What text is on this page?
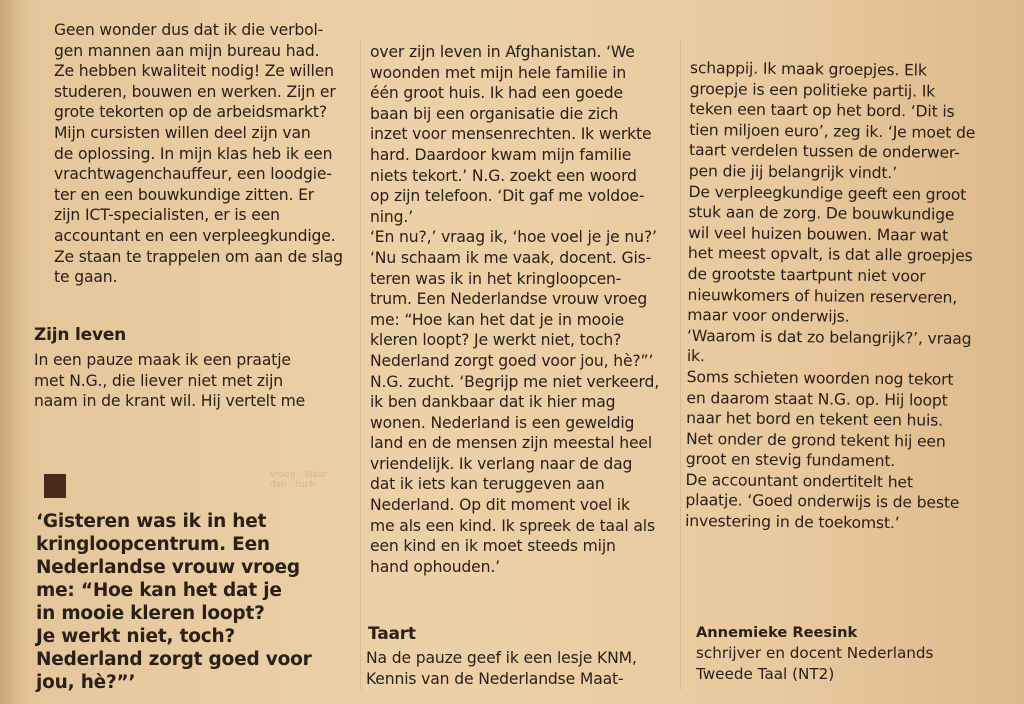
Geen wonder dus dat ik die verbol-
gen mannen aan mijn bureau had.
Ze hebben kwaliteit nodig! Ze willen
studeren, bouwen en werken. Zijn er
grote tekorten op de arbeidsmarkt?
Mijn cursisten willen deel zijn van
de oplossing. In mijn klas heb ik een
vrachtwagenchauffeur, een loodgie-
ter en een bouwkundige zitten. Er
zijn ICT-specialisten, er is een
accountant en een verpleegkundige.
Ze staan te trappelen om aan de slag
te gaan.
Zijn leven
In een pauze maak ik een praatje
met N.G., die liever niet met zijn
naam in de krant wil. Hij vertelt me
vroeg · Waar
dan · toch
‘Gisteren was ik in het
kringloopcentrum. Een
Nederlandse vrouw vroeg
me: “Hoe kan het dat je
in mooie kleren loopt?
Je werkt niet, toch?
Nederland zorgt goed voor
jou, hè?”’
over zijn leven in Afghanistan. ‘We
woonden met mijn hele familie in
één groot huis. Ik had een goede
baan bij een organisatie die zich
inzet voor mensenrechten. Ik werkte
hard. Daardoor kwam mijn familie
niets tekort.’ N.G. zoekt een woord
op zijn telefoon. ‘Dit gaf me voldoe-
ning.’
‘En nu?,’ vraag ik, ‘hoe voel je je nu?’
‘Nu schaam ik me vaak, docent. Gis-
teren was ik in het kringloopcen-
trum. Een Nederlandse vrouw vroeg
me: “Hoe kan het dat je in mooie
kleren loopt? Je werkt niet, toch?
Nederland zorgt goed voor jou, hè?”’
N.G. zucht. ‘Begrijp me niet verkeerd,
ik ben dankbaar dat ik hier mag
wonen. Nederland is een geweldig
land en de mensen zijn meestal heel
vriendelijk. Ik verlang naar de dag
dat ik iets kan teruggeven aan
Nederland. Op dit moment voel ik
me als een kind. Ik spreek de taal als
een kind en ik moet steeds mijn
hand ophouden.’
Taart
Na de pauze geef ik een lesje KNM,
Kennis van de Nederlandse Maat-
schappij. Ik maak groepjes. Elk
groepje is een politieke partij. Ik
teken een taart op het bord. ‘Dit is
tien miljoen euro’, zeg ik. ‘Je moet de
taart verdelen tussen de onderwer-
pen die jij belangrijk vindt.’
De verpleegkundige geeft een groot
stuk aan de zorg. De bouwkundige
wil veel huizen bouwen. Maar wat
het meest opvalt, is dat alle groepjes
de grootste taartpunt niet voor
nieuwkomers of huizen reserveren,
maar voor onderwijs.
‘Waarom is dat zo belangrijk?’, vraag
ik.
Soms schieten woorden nog tekort
en daarom staat N.G. op. Hij loopt
naar het bord en tekent een huis.
Net onder de grond tekent hij een
groot en stevig fundament.
De accountant ondertitelt het
plaatje. ‘Goed onderwijs is de beste
investering in de toekomst.’
Annemieke Reesink
schrijver en docent Nederlands
Tweede Taal (NT2)
